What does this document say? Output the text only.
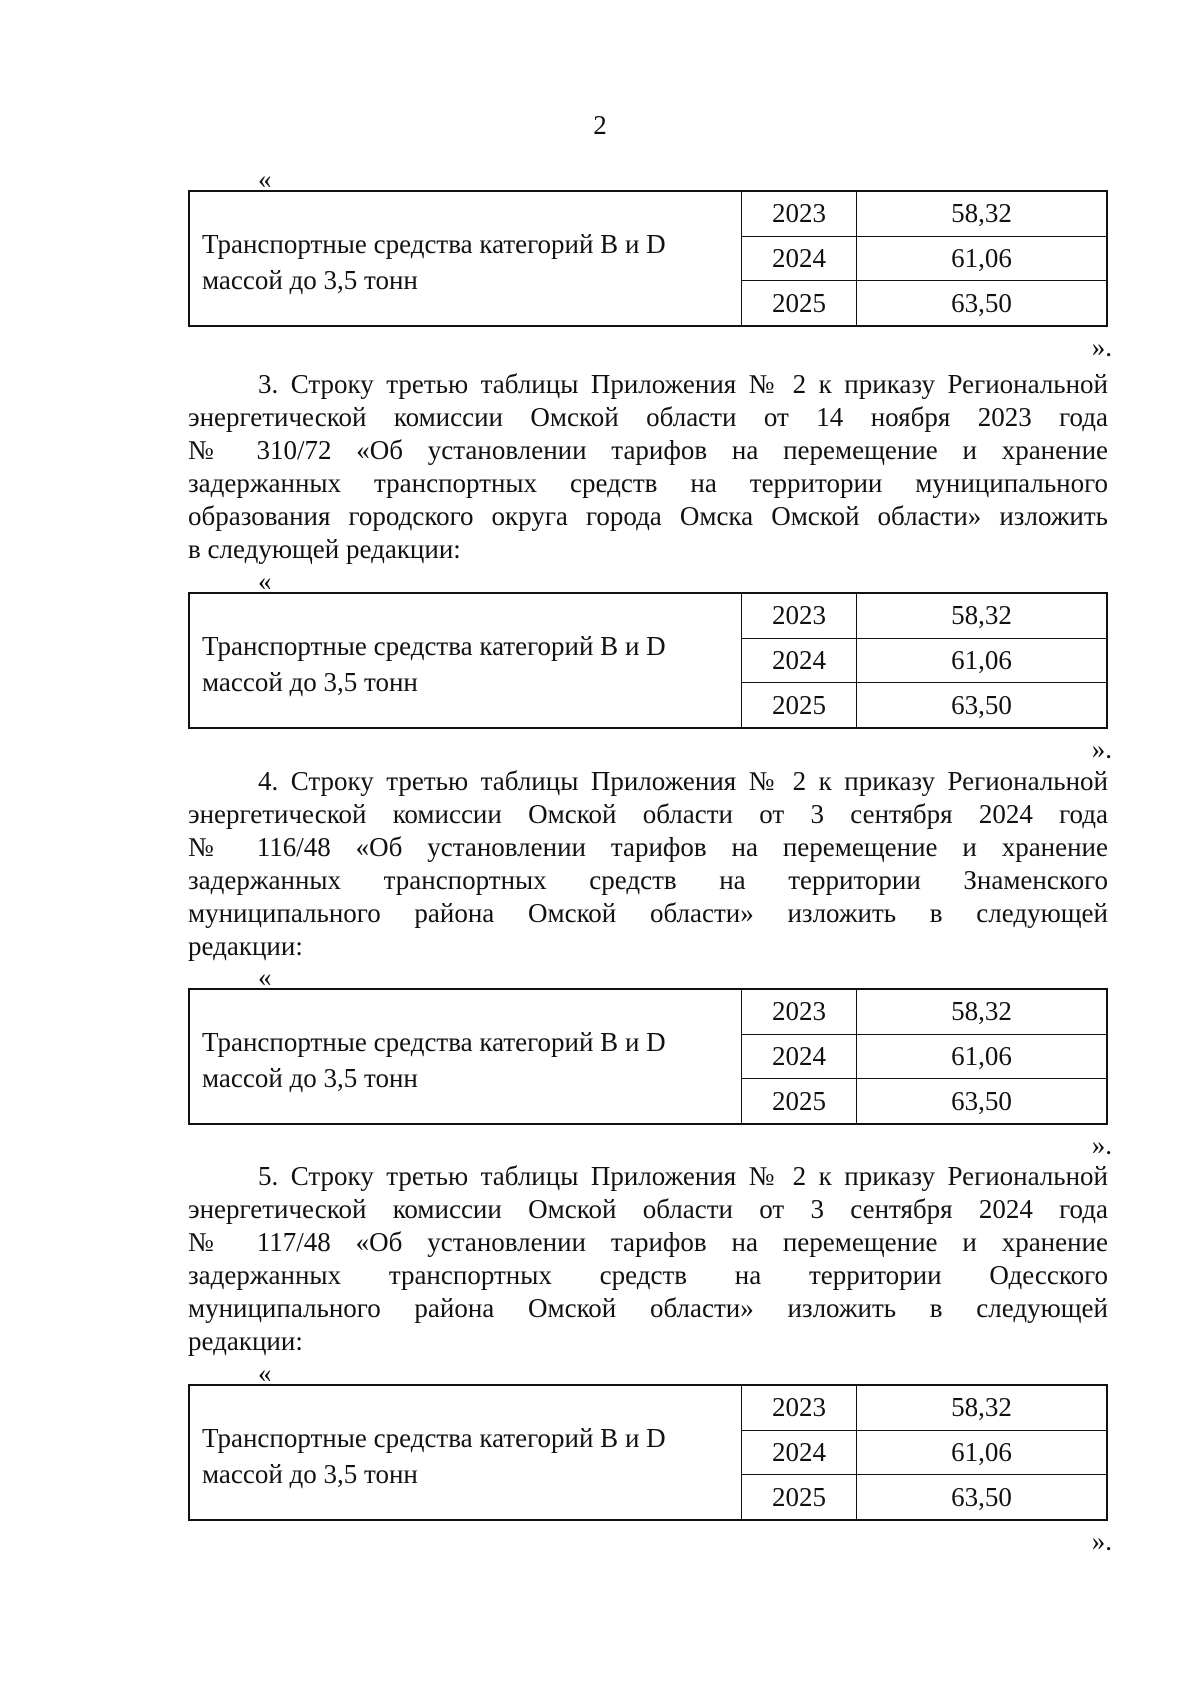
2
«
Транспортные средства категорий В и D массой до 3,5 тонн	2023	58,32
	2024	61,06
	2025	63,50
».
3. Строку третью таблицы Приложения № 2 к приказу Региональной
энергетической комиссии Омской области от 14 ноября 2023 года
№ 310/72 «Об установлении тарифов на перемещение и хранение
задержанных транспортных средств на территории муниципального
образования городского округа города Омска Омской области» изложить
в следующей редакции:
«
Транспортные средства категорий В и D массой до 3,5 тонн	2023	58,32
	2024	61,06
	2025	63,50
».
4. Строку третью таблицы Приложения № 2 к приказу Региональной
энергетической комиссии Омской области от 3 сентября 2024 года
№ 116/48 «Об установлении тарифов на перемещение и хранение
задержанных транспортных средств на территории Знаменского
муниципального района Омской области» изложить в следующей
редакции:
«
Транспортные средства категорий В и D массой до 3,5 тонн	2023	58,32
	2024	61,06
	2025	63,50
».
5. Строку третью таблицы Приложения № 2 к приказу Региональной
энергетической комиссии Омской области от 3 сентября 2024 года
№ 117/48 «Об установлении тарифов на перемещение и хранение
задержанных транспортных средств на территории Одесского
муниципального района Омской области» изложить в следующей
редакции:
«
Транспортные средства категорий В и D массой до 3,5 тонн	2023	58,32
	2024	61,06
	2025	63,50
».
